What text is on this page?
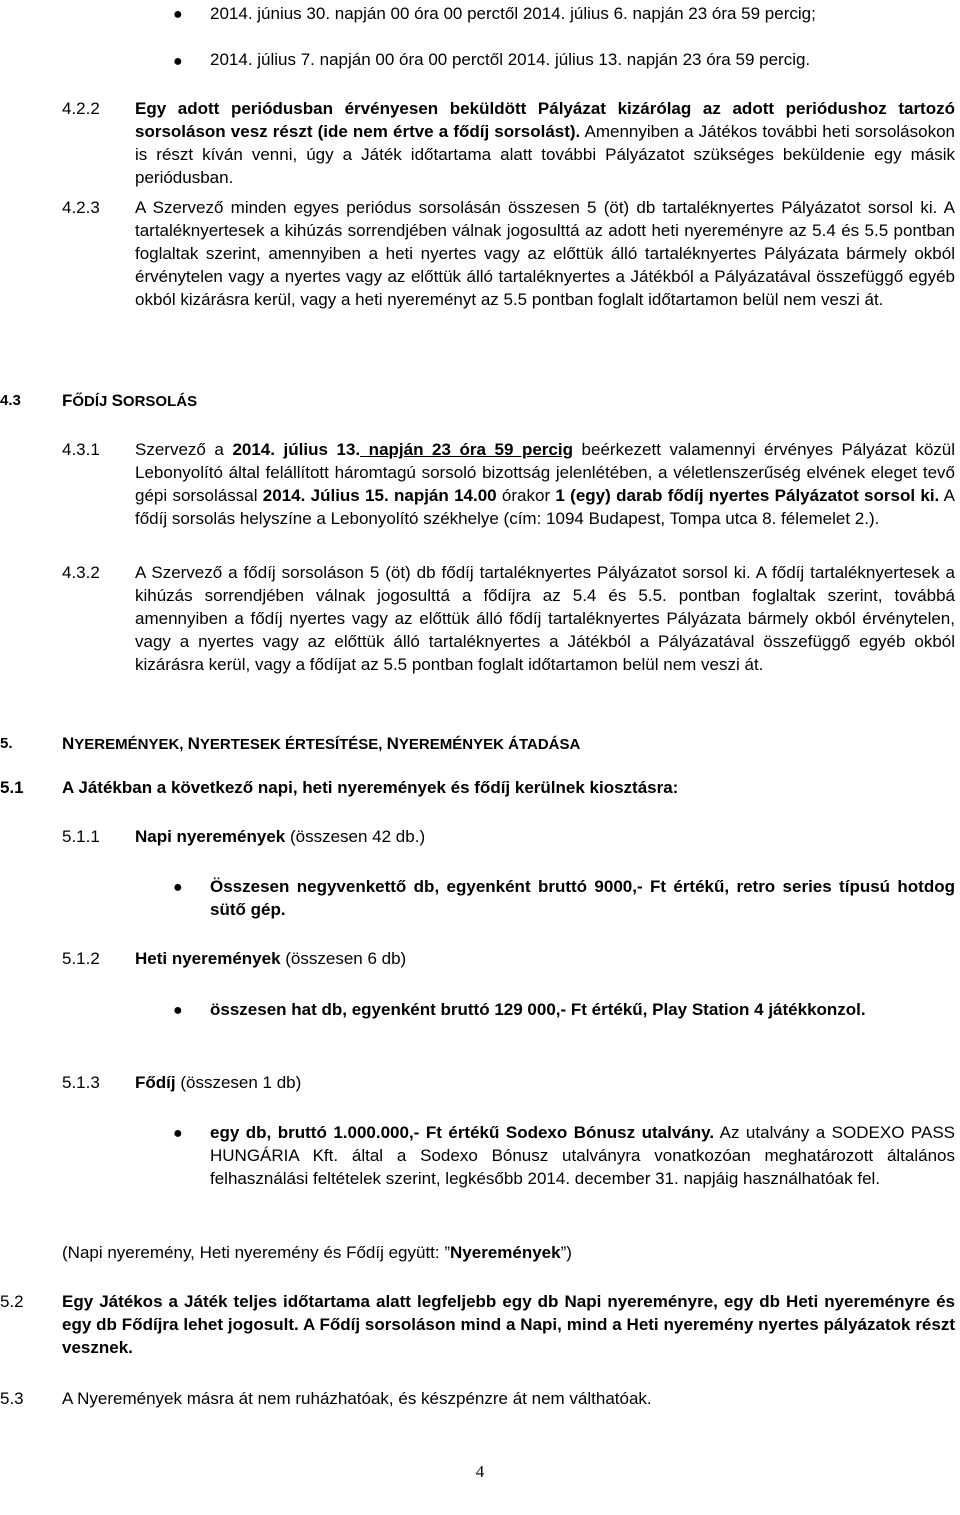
● 2014. június 30. napján 00 óra 00 perctől 2014. július 6. napján 23 óra 59 percig;
● 2014. július 7. napján 00 óra 00 perctől 2014. július 13. napján 23 óra 59 percig.
4.2.2 Egy adott periódusban érvényesen beküldött Pályázat kizárólag az adott periódushoz tartozó sorsoláson vesz részt (ide nem értve a fődíj sorsolást). Amennyiben a Játékos további heti sorsolásokon is részt kíván venni, úgy a Játék időtartama alatt további Pályázatot szükséges beküldenie egy másik periódusban.
4.2.3 A Szervező minden egyes periódus sorsolásán összesen 5 (öt) db tartaléknyertes Pályázatot sorsol ki. A tartaléknyertesek a kihúzás sorrendjében válnak jogosulttá az adott heti nyereményre az 5.4 és 5.5 pontban foglaltak szerint, amennyiben a heti nyertes vagy az előttük álló tartaléknyertes Pályázata bármely okból érvénytelen vagy a nyertes vagy az előttük álló tartaléknyertes a Játékból a Pályázatával összefüggő egyéb okból kizárásra kerül, vagy a heti nyereményt az 5.5 pontban foglalt időtartamon belül nem veszi át.
4.3 FŐDÍJ SORSOLÁS
4.3.1 Szervező a 2014. július 13. napján 23 óra 59 percig beérkezett valamennyi érvényes Pályázat közül Lebonyolító által felállított háromtagú sorsoló bizottság jelenlétében, a véletlenszerűség elvének eleget tevő gépi sorsolással 2014. Július 15. napján 14.00 órakor 1 (egy) darab fődíj nyertes Pályázatot sorsol ki. A fődíj sorsolás helyszíne a Lebonyolító székhelye (cím: 1094 Budapest, Tompa utca 8. félemelet 2.).
4.3.2 A Szervező a fődíj sorsoláson 5 (öt) db fődíj tartaléknyertes Pályázatot sorsol ki. A fődíj tartaléknyertesek a kihúzás sorrendjében válnak jogosulttá a fődíjra az 5.4 és 5.5. pontban foglaltak szerint, továbbá amennyiben a fődíj nyertes vagy az előttük álló fődíj tartaléknyertes Pályázata bármely okból érvénytelen, vagy a nyertes vagy az előttük álló tartaléknyertes a Játékból a Pályázatával összefüggő egyéb okból kizárásra kerül, vagy a fődíjat az 5.5 pontban foglalt időtartamon belül nem veszi át.
5.	NYEREMÉNYEK, NYERTESEK ÉRTESÍTÉSE, NYEREMÉNYEK ÁTADÁSA
5.1 A Játékban a következő napi, heti nyeremények és fődíj kerülnek kiosztásra:
5.1.1 Napi nyeremények (összesen 42 db.)
● Összesen negyvenkettő db, egyenként bruttó 9000,- Ft értékű, retro series típusú hotdog sütő gép.
5.1.2 Heti nyeremények (összesen 6 db)
● összesen hat db, egyenként bruttó 129 000,- Ft értékű, Play Station 4 játékkonzol.
5.1.3 Fődíj (összesen 1 db)
● egy db, bruttó 1.000.000,- Ft értékű Sodexo Bónusz utalvány. Az utalvány a SODEXO PASS HUNGÁRIA Kft. által a Sodexo Bónusz utalványra vonatkozóan meghatározott általános felhasználási feltételek szerint, legkésőbb 2014. december 31. napjáig használhatóak fel.
(Napi nyeremény, Heti nyeremény és Fődíj együtt: ”Nyeremények”)
5.2 Egy Játékos a Játék teljes időtartama alatt legfeljebb egy db Napi nyereményre, egy db Heti nyereményre és egy db Fődíjra lehet jogosult. A Fődíj sorsoláson mind a Napi, mind a Heti nyeremény nyertes pályázatok részt vesznek.
5.3 A Nyeremények másra át nem ruházhatóak, és készpénzre át nem válthatóak.
4
